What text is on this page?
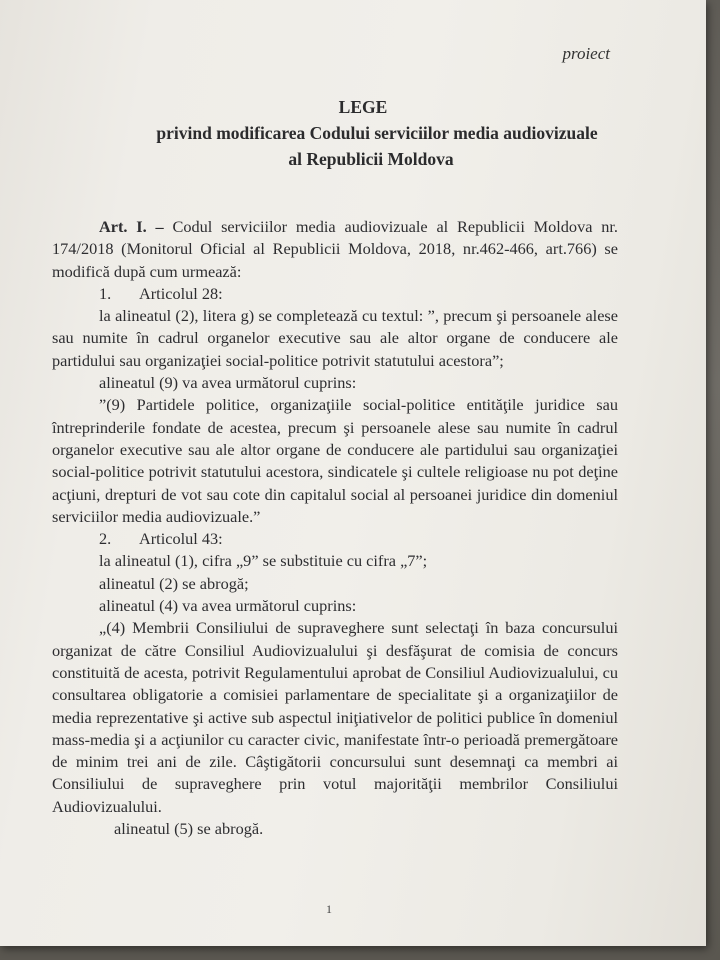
proiect
LEGE
privind modificarea Codului serviciilor media audiovizuale
al Republicii Moldova

Art. I. – Codul serviciilor media audiovizuale al Republicii Moldova nr. 174/2018 (Monitorul Oficial al Republicii Moldova, 2018, nr.462-466, art.766) se modifică după cum urmează:

1. Articolul 28:

la alineatul (2), litera g) se completează cu textul: ”, precum şi persoanele alese sau numite în cadrul organelor executive sau ale altor organe de conducere ale partidului sau organizaţiei social-politice potrivit statutului acestora”;

alineatul (9) va avea următorul cuprins:

”(9) Partidele politice, organizaţiile social-politice entităţile juridice sau întreprinderile fondate de acestea, precum şi persoanele alese sau numite în cadrul organelor executive sau ale altor organe de conducere ale partidului sau organizaţiei social-politice potrivit statutului acestora, sindicatele şi cultele religioase nu pot deţine acţiuni, drepturi de vot sau cote din capitalul social al persoanei juridice din domeniul serviciilor media audiovizuale.”

2. Articolul 43:

la alineatul (1), cifra „9” se substituie cu cifra „7”;

alineatul (2) se abrogă;

alineatul (4) va avea următorul cuprins:

„(4) Membrii Consiliului de supraveghere sunt selectaţi în baza concursului organizat de către Consiliul Audiovizualului şi desfăşurat de comisia de concurs constituită de acesta, potrivit Regulamentului aprobat de Consiliul Audiovizualului, cu consultarea obligatorie a comisiei parlamentare de specialitate şi a organizaţiilor de media reprezentative şi active sub aspectul iniţiativelor de politici publice în domeniul mass-media şi a acţiunilor cu caracter civic, manifestate într-o perioadă premergătoare de minim trei ani de zile. Câştigătorii concursului sunt desemnaţi ca membri ai Consiliului de supraveghere prin votul majorităţii membrilor Consiliului Audiovizualului.

alineatul (5) se abrogă.

1
